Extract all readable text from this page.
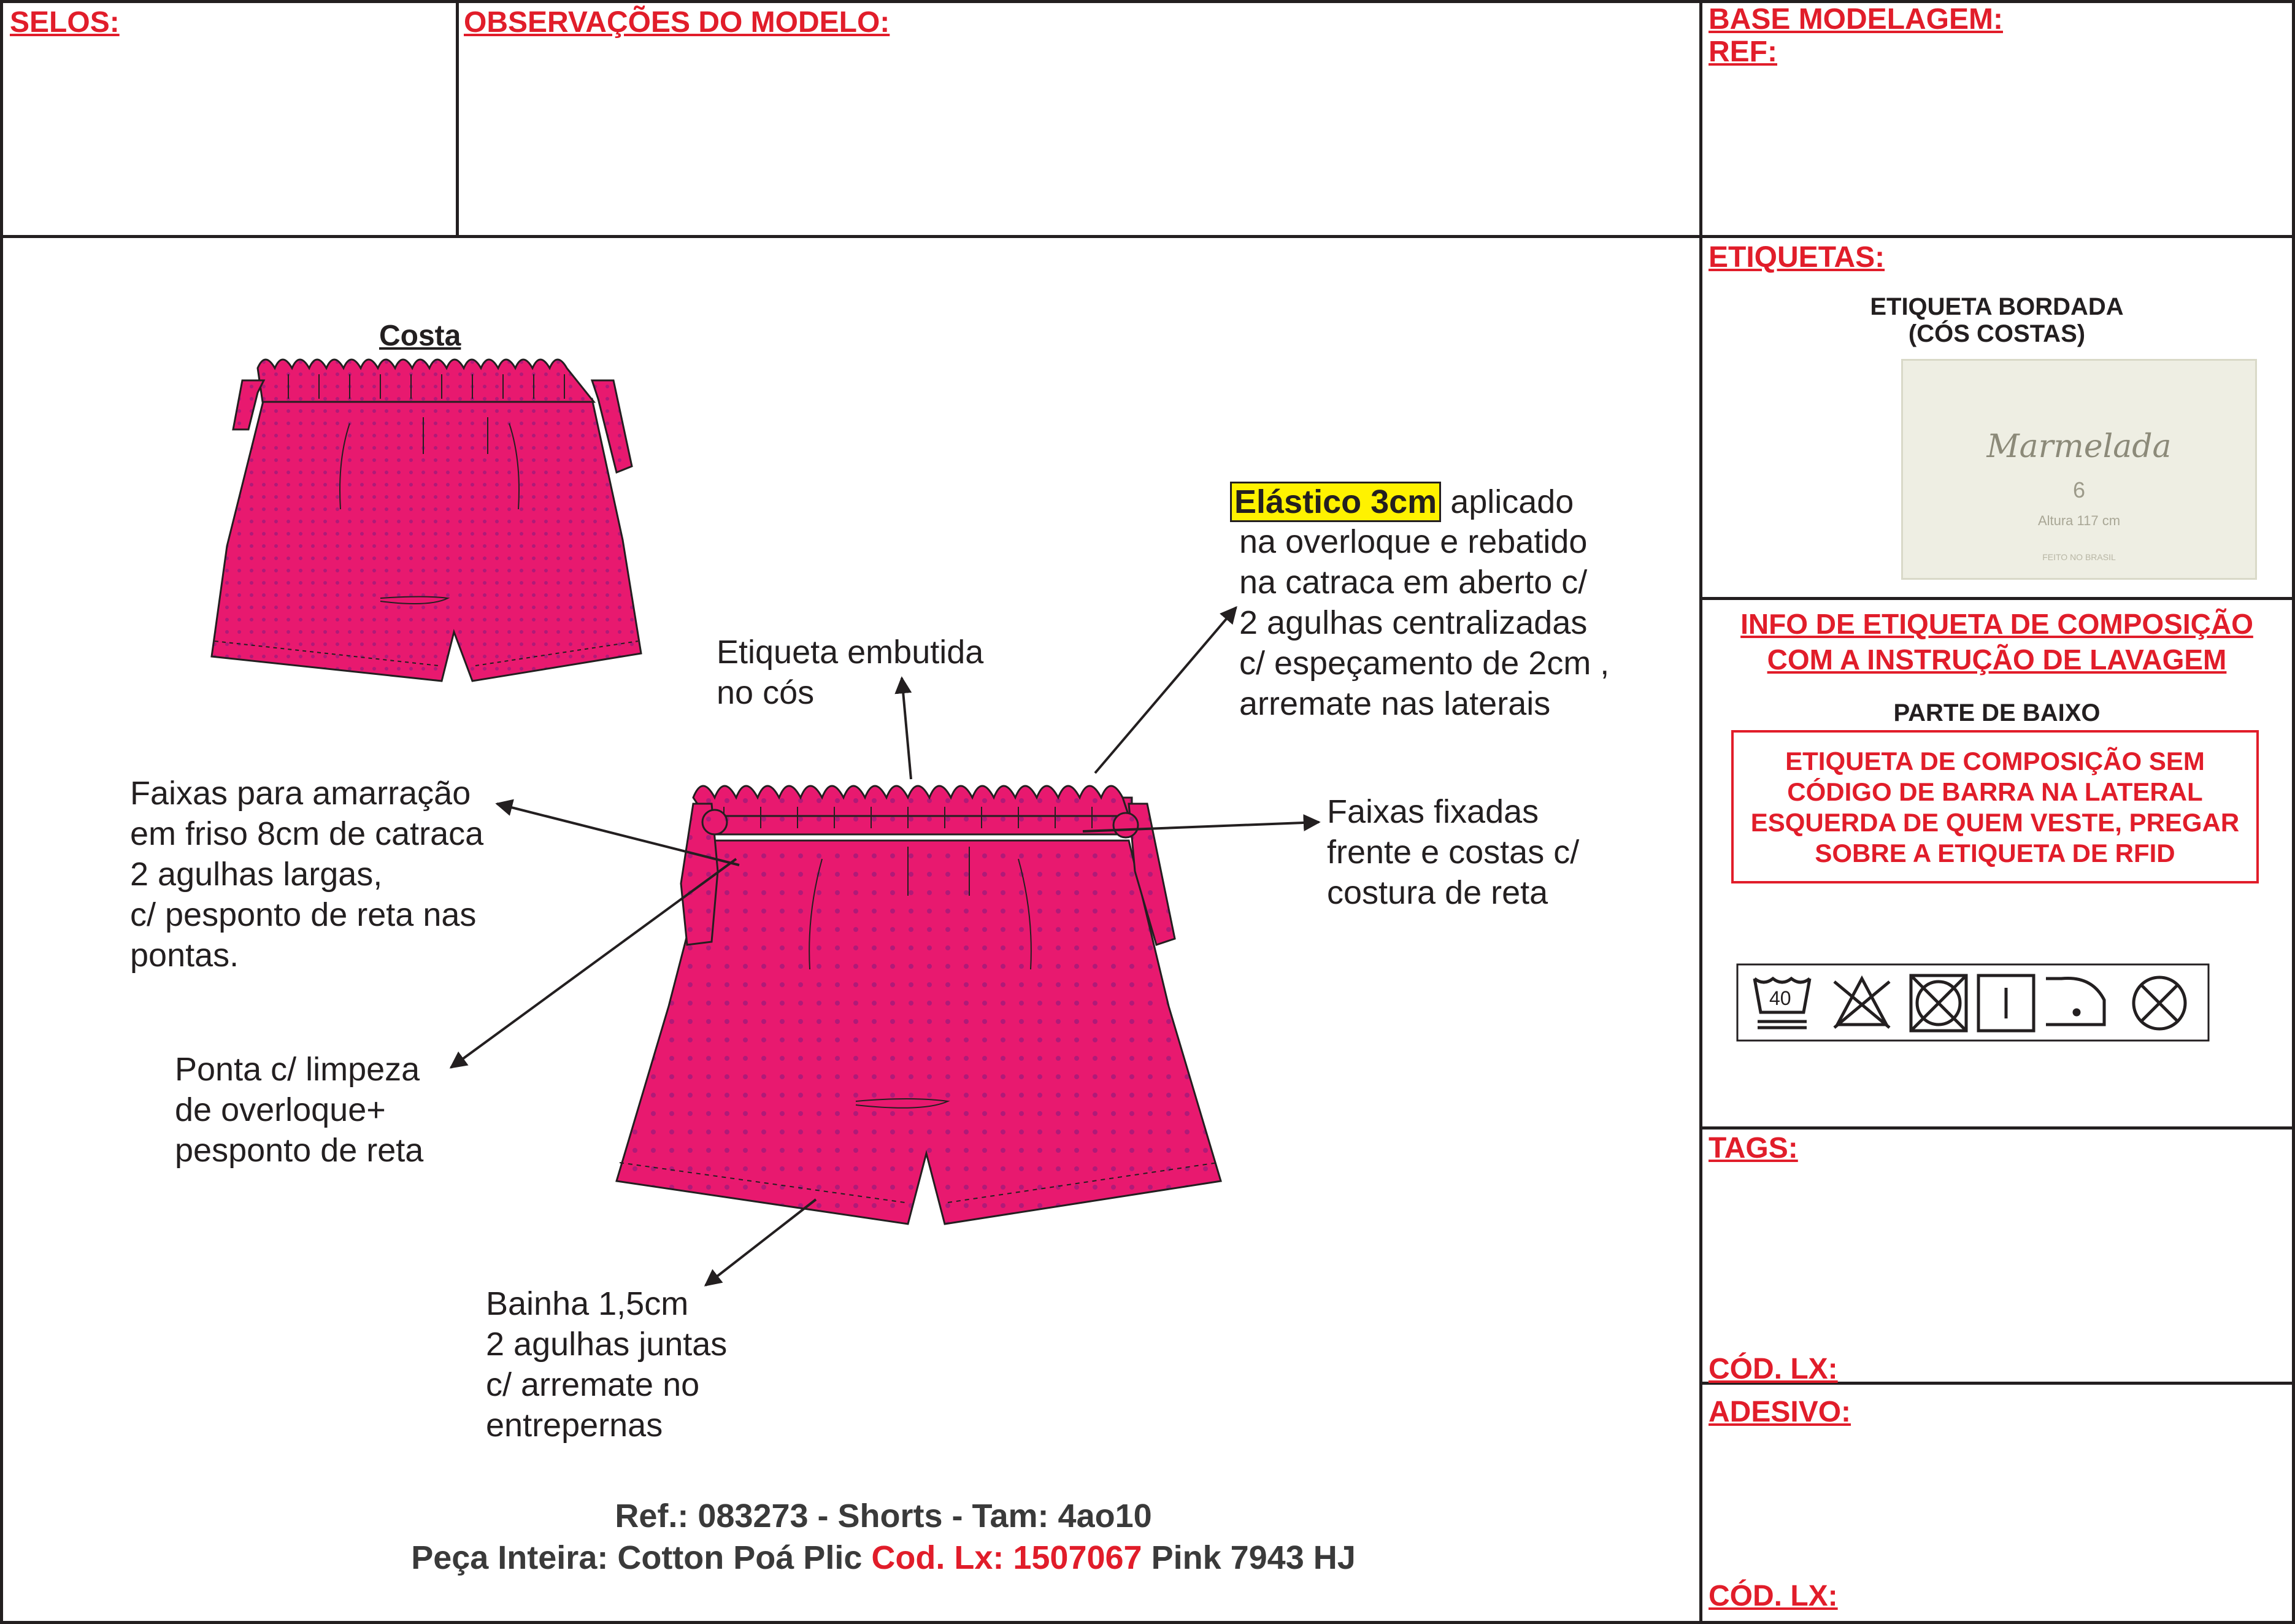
SELOS:	OBSERVAÇÕES DO MODELO:	BASE MODELAGEM:
REF:
Costa
Elástico 3cm aplicado
na overloque e rebatido
na catraca em aberto c/
2 agulhas centralizadas
c/ espeçamento de 2cm ,
arremate nas laterais
Etiqueta embutida
no cós
Faixas para amarração
em friso 8cm de catraca
2 agulhas largas,
c/ pesponto de reta nas
pontas.
Faixas fixadas
frente e costas c/
costura de reta
Ponta c/ limpeza
de overloque+
pesponto de reta
Bainha 1,5cm
2 agulhas juntas
c/ arremate no
entrepernas
Ref.: 083273 - Shorts - Tam: 4ao10
Peça Inteira: Cotton Poá Plic Cod. Lx: 1507067 Pink 7943 HJ
ETIQUETAS:
ETIQUETA BORDADA
(CÓS COSTAS)
Marmelada
6
Altura 117 cm
FEITO NO BRASIL
INFO DE ETIQUETA DE COMPOSIÇÃO
COM A INSTRUÇÃO DE LAVAGEM
PARTE DE BAIXO
ETIQUETA DE COMPOSIÇÃO SEM CÓDIGO DE BARRA NA LATERAL ESQUERDA DE QUEM VESTE, PREGAR SOBRE A ETIQUETA DE RFID
40
TAGS:
CÓD. LX:
ADESIVO:
CÓD. LX:
